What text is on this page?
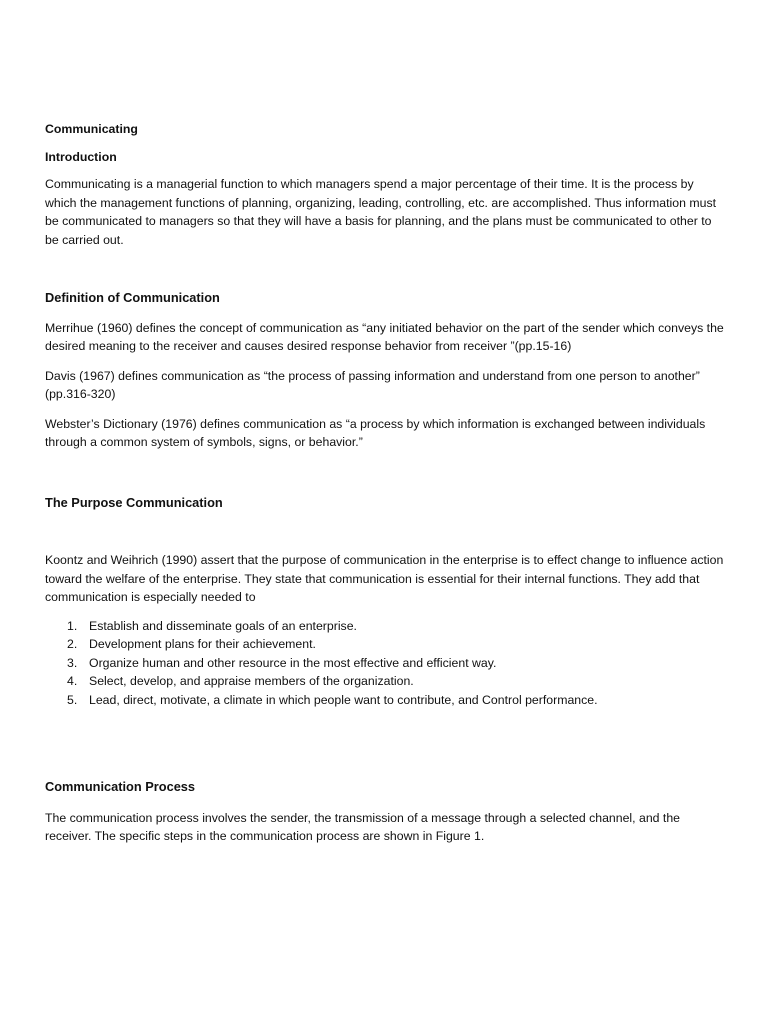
Communicating

Introduction

Communicating is a managerial function to which managers spend a major percentage of their time. It is the process by which the management functions of planning, organizing, leading, controlling, etc. are accomplished. Thus information must be communicated to managers so that they will have a basis for planning, and the plans must be communicated to other to be carried out.

Definition of Communication

Merrihue (1960) defines the concept of communication as “any initiated behavior on the part of the sender which conveys the desired meaning to the receiver and causes desired response behavior from receiver ”(pp.15-16)

Davis (1967) defines communication as “the process of passing information and understand from one person to another” (pp.316-320)

Webster’s Dictionary (1976) defines communication as “a process by which information is exchanged between individuals through a common system of symbols, signs, or behavior.”

The Purpose Communication

Koontz and Weihrich (1990) assert that the purpose of communication in the enterprise is to effect change to influence action toward the welfare of the enterprise. They state that communication is essential for their internal functions. They add that communication is especially needed to

1. Establish and disseminate goals of an enterprise.
2. Development plans for their achievement.
3. Organize human and other resource in the most effective and efficient way.
4. Select, develop, and appraise members of the organization.
5. Lead, direct, motivate, a climate in which people want to contribute, and Control performance.

Communication Process

The communication process involves the sender, the transmission of a message through a selected channel, and the receiver. The specific steps in the communication process are shown in Figure 1.
